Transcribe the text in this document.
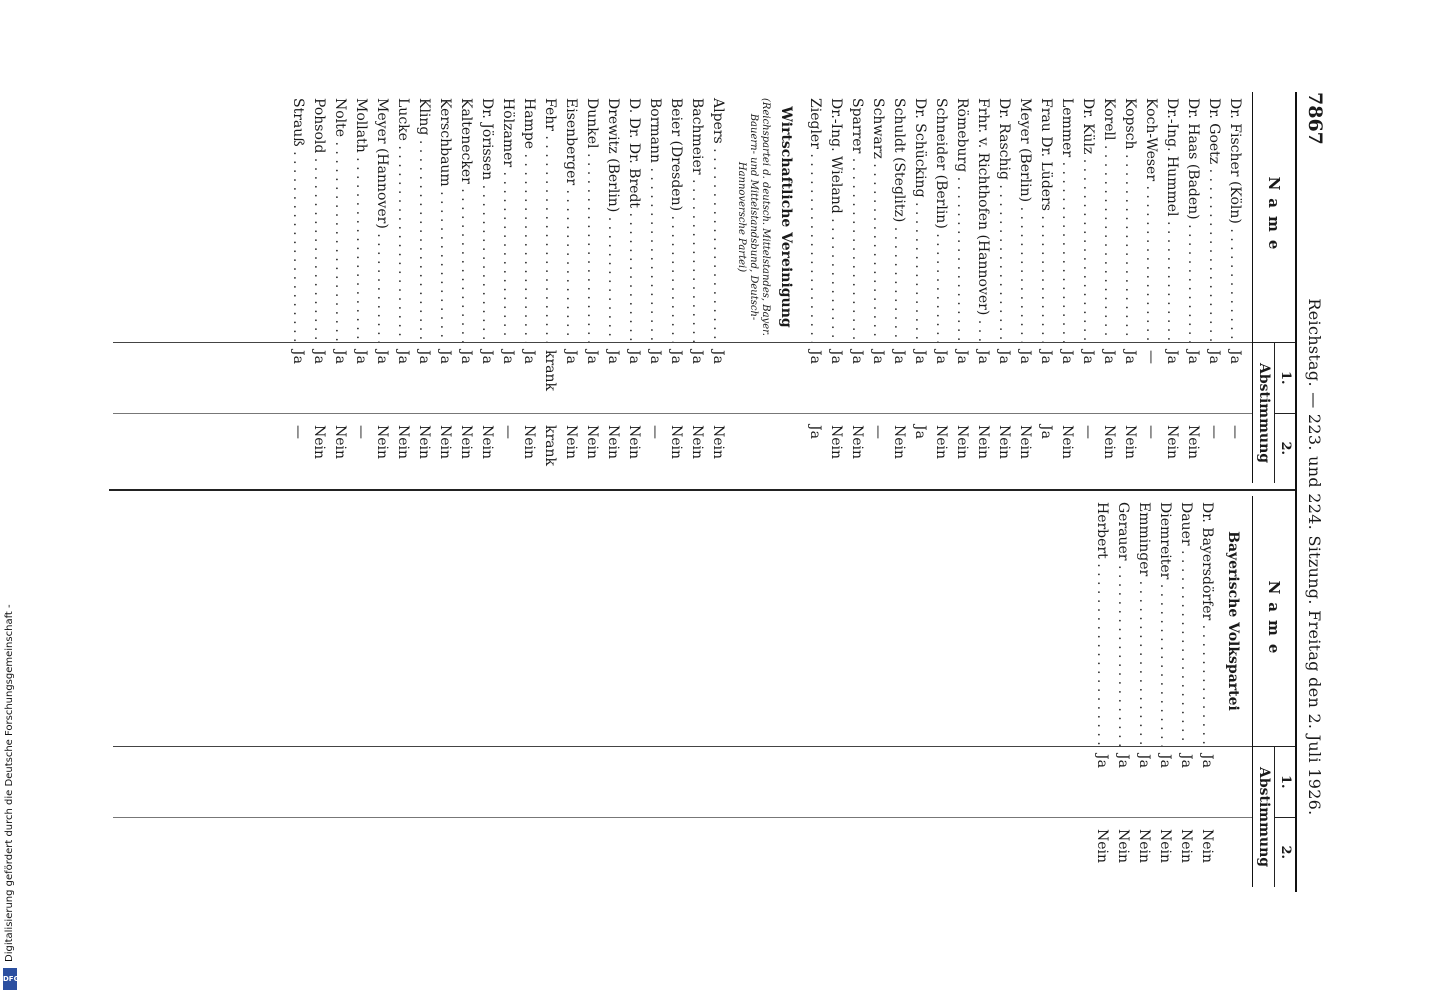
7867
Reichstag. — 223. und 224. Sitzung. Freitag den 2. Juli 1926.
Name
1.
2.
Abstimmung
Dr. Fischer (Köln) . . .
Ja
—
Dr. Goetz . . .
Ja
—
Dr. Haas (Baden) . . .
Ja
Nein
Dr.-Ing. Hummel . . .
Ja
Nein
Koch-Weser . . .
—
—
Kopsch . . .
Ja
Nein
Korell . . .
Ja
Nein
Dr. Külz . . .
Ja
—
Lemmer . . .
Ja
Nein
Frau Dr. Lüders . . .
Ja
Ja
Meyer (Berlin) . . .
Ja
Nein
Dr. Raschig . . .
Ja
Nein
Frhr. v. Richthofen (Hannover) . . .
Ja
Nein
Römeburg . . .
Ja
Nein
Schneider (Berlin) . . .
Ja
Nein
Dr. Schücking . . .
Ja
Ja
Schuldt (Steglitz) . . .
Ja
Nein
Schwarz . . .
Ja
—
Sparrer . . .
Ja
Nein
Dr.-Ing. Wieland . . .
Ja
Nein
Ziegler . . .
Ja
Ja
Wirtschaftliche Vereinigung
(Reichspartei d. deutsch. Mittelstandes, Bayer. Bauern- und Mittelstandsbund, Deutsch-Hannoversche Partei)
Alpers . . .
Ja
Nein
Bachmeier . . .
Ja
Nein
Beier (Dresden) . . .
Ja
Nein
Bormann . . .
Ja
—
D. Dr. Dr. Bredt . . .
Ja
Nein
Drewitz (Berlin) . . .
Ja
Nein
Dunkel . . .
Ja
Nein
Eisenberger . . .
Ja
Nein
Fehr . . .
krank
krank
Hampe . . .
Ja
Nein
Hölzamer . . .
Ja
—
Dr. Jörissen . . .
Ja
Nein
Kaltenecker . . .
Ja
Nein
Kerschbaum . . .
Ja
Nein
Kling . . .
Ja
Nein
Lucke . . .
Ja
Nein
Meyer (Hannover) . . .
Ja
Nein
Mollath . . .
Ja
—
Nolte . . .
Ja
Nein
Pohsold . . .
Ja
Nein
Strauß . . .
Ja
—
Name
1.
2.
Abstimmung
Bayerische Volkspartei
Dr. Bayersdörfer . . .
Ja
Nein
Dauer . . .
Ja
Nein
Diemreiter . . .
Ja
Nein
Emminger . . .
Ja
Nein
Gerauer . . .
Ja
Nein
Herbert . . .
Ja
Nein
Digitalisierung gefördert durch die Deutsche Forschungsgemeinschaft -
DFG
